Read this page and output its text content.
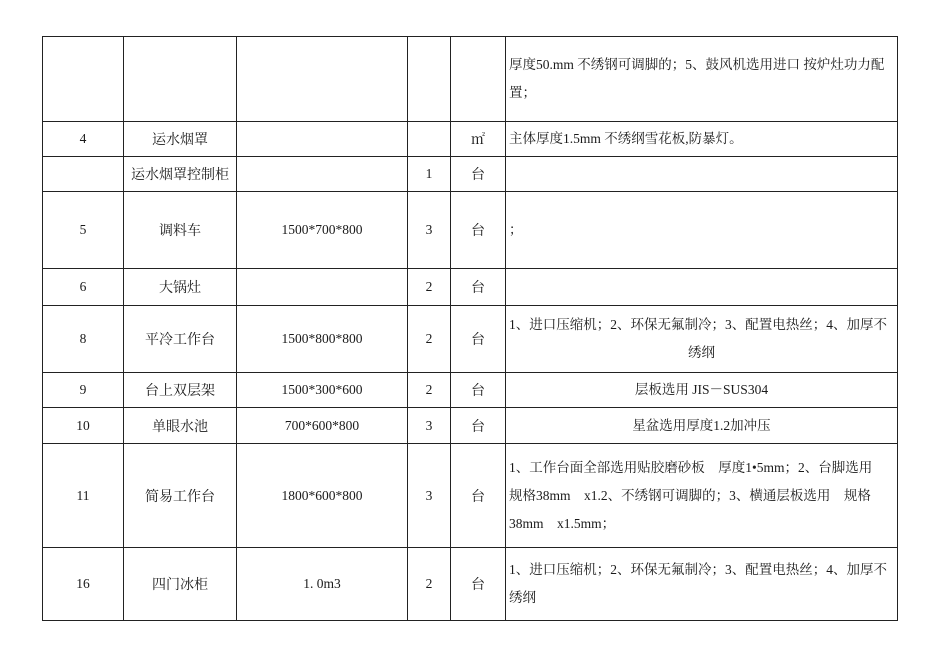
					厚度50.mm 不绣钢可调脚的；5、鼓风机选用进口 按炉灶功力配置；
4	运水烟罩			㎡	主体厚度1.5mm 不绣纲雪花板,防暴灯。
	运水烟罩控制柜		1	台	
5	调料车	1500*700*800	3	台	；
6	大锅灶		2	台	
8	平冷工作台	1500*800*800	2	台	1、进口压缩机；2、环保无氟制冷；3、配置电热丝；4、加厚不绣纲
9	台上双层架	1500*300*600	2	台	层板选用 JIS－SUS304
10	单眼水池	700*600*800	3	台	星盆选用厚度1.2加冲压
11	简易工作台	1800*600*800	3	台	1、工作台面全部选用贴胶磨砂板　厚度1•5mm；2、台脚选用　规格38mm　x1.2、不绣钢可调脚的；3、横通层板选用　规格38mm　x1.5mm；
16	四门冰柜	1. 0m3	2	台	1、进口压缩机；2、环保无氟制冷；3、配置电热丝；4、加厚不绣纲
